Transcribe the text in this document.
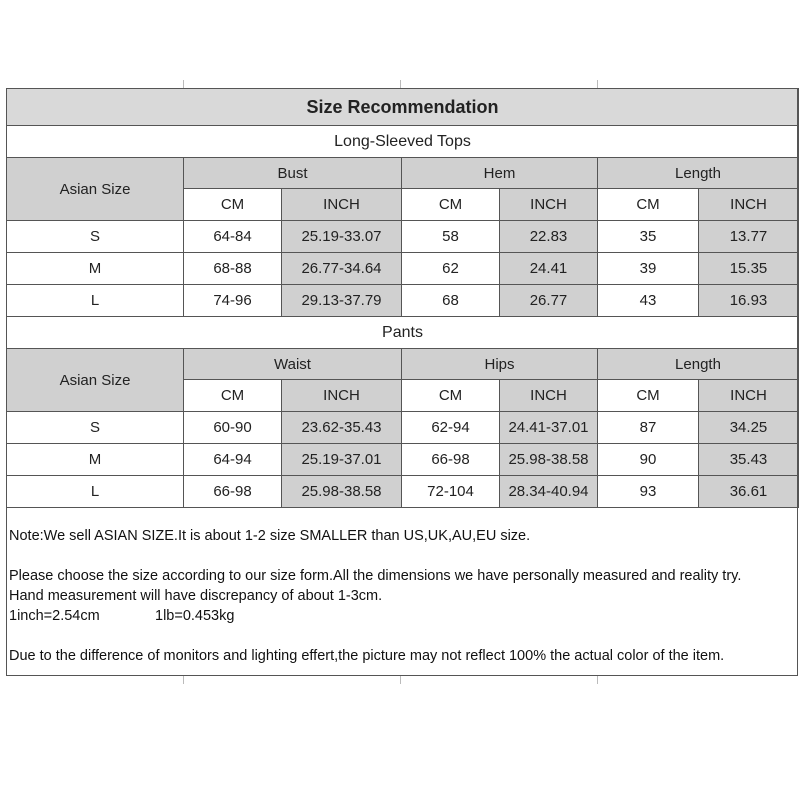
Size Recommendation						
Long-Sleeved Tops						
Asian Size	Bust		Hem		Length	
	CM	INCH	CM	INCH	CM	INCH
S	64-84	25.19-33.07	58	22.83	35	13.77
M	68-88	26.77-34.64	62	24.41	39	15.35
L	74-96	29.13-37.79	68	26.77	43	16.93
Pants						
Asian Size	Waist		Hips		Length	
	CM	INCH	CM	INCH	CM	INCH
S	60-90	23.62-35.43	62-94	24.41-37.01	87	34.25
M	64-94	25.19-37.01	66-98	25.98-38.58	90	35.43
L	66-98	25.98-38.58	72-104	28.34-40.94	93	36.61
Note:We sell ASIAN SIZE.It is about 1-2 size SMALLER than US,UK,AU,EU size.
Please choose the size according to our size form.All the dimensions we have personally measured and reality try.
Hand measurement will have discrepancy of about 1-3cm.
1inch=2.54cm	1lb=0.453kg
Due to the difference of monitors and lighting effert,the picture may not reflect 100% the actual color of the item.
